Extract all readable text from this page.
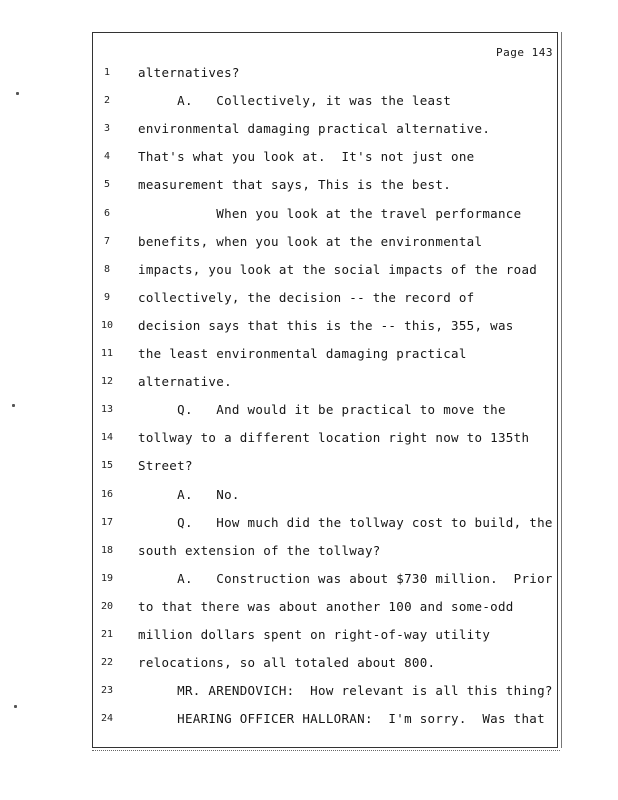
Page 143
1	alternatives?
2	A.   Collectively, it was the least
3	environmental damaging practical alternative.
4	That's what you look at.  It's not just one
5	measurement that says, This is the best.
6	When you look at the travel performance
7	benefits, when you look at the environmental
8	impacts, you look at the social impacts of the road
9	collectively, the decision -- the record of
10	decision says that this is the -- this, 355, was
11	the least environmental damaging practical
12	alternative.
13	Q.   And would it be practical to move the
14	tollway to a different location right now to 135th
15	Street?
16	A.   No.
17	Q.   How much did the tollway cost to build, the
18	south extension of the tollway?
19	A.   Construction was about $730 million.  Prior
20	to that there was about another 100 and some-odd
21	million dollars spent on right-of-way utility
22	relocations, so all totaled about 800.
23	MR. ARENDOVICH:  How relevant is all this thing?
24	HEARING OFFICER HALLORAN:  I'm sorry.  Was that
